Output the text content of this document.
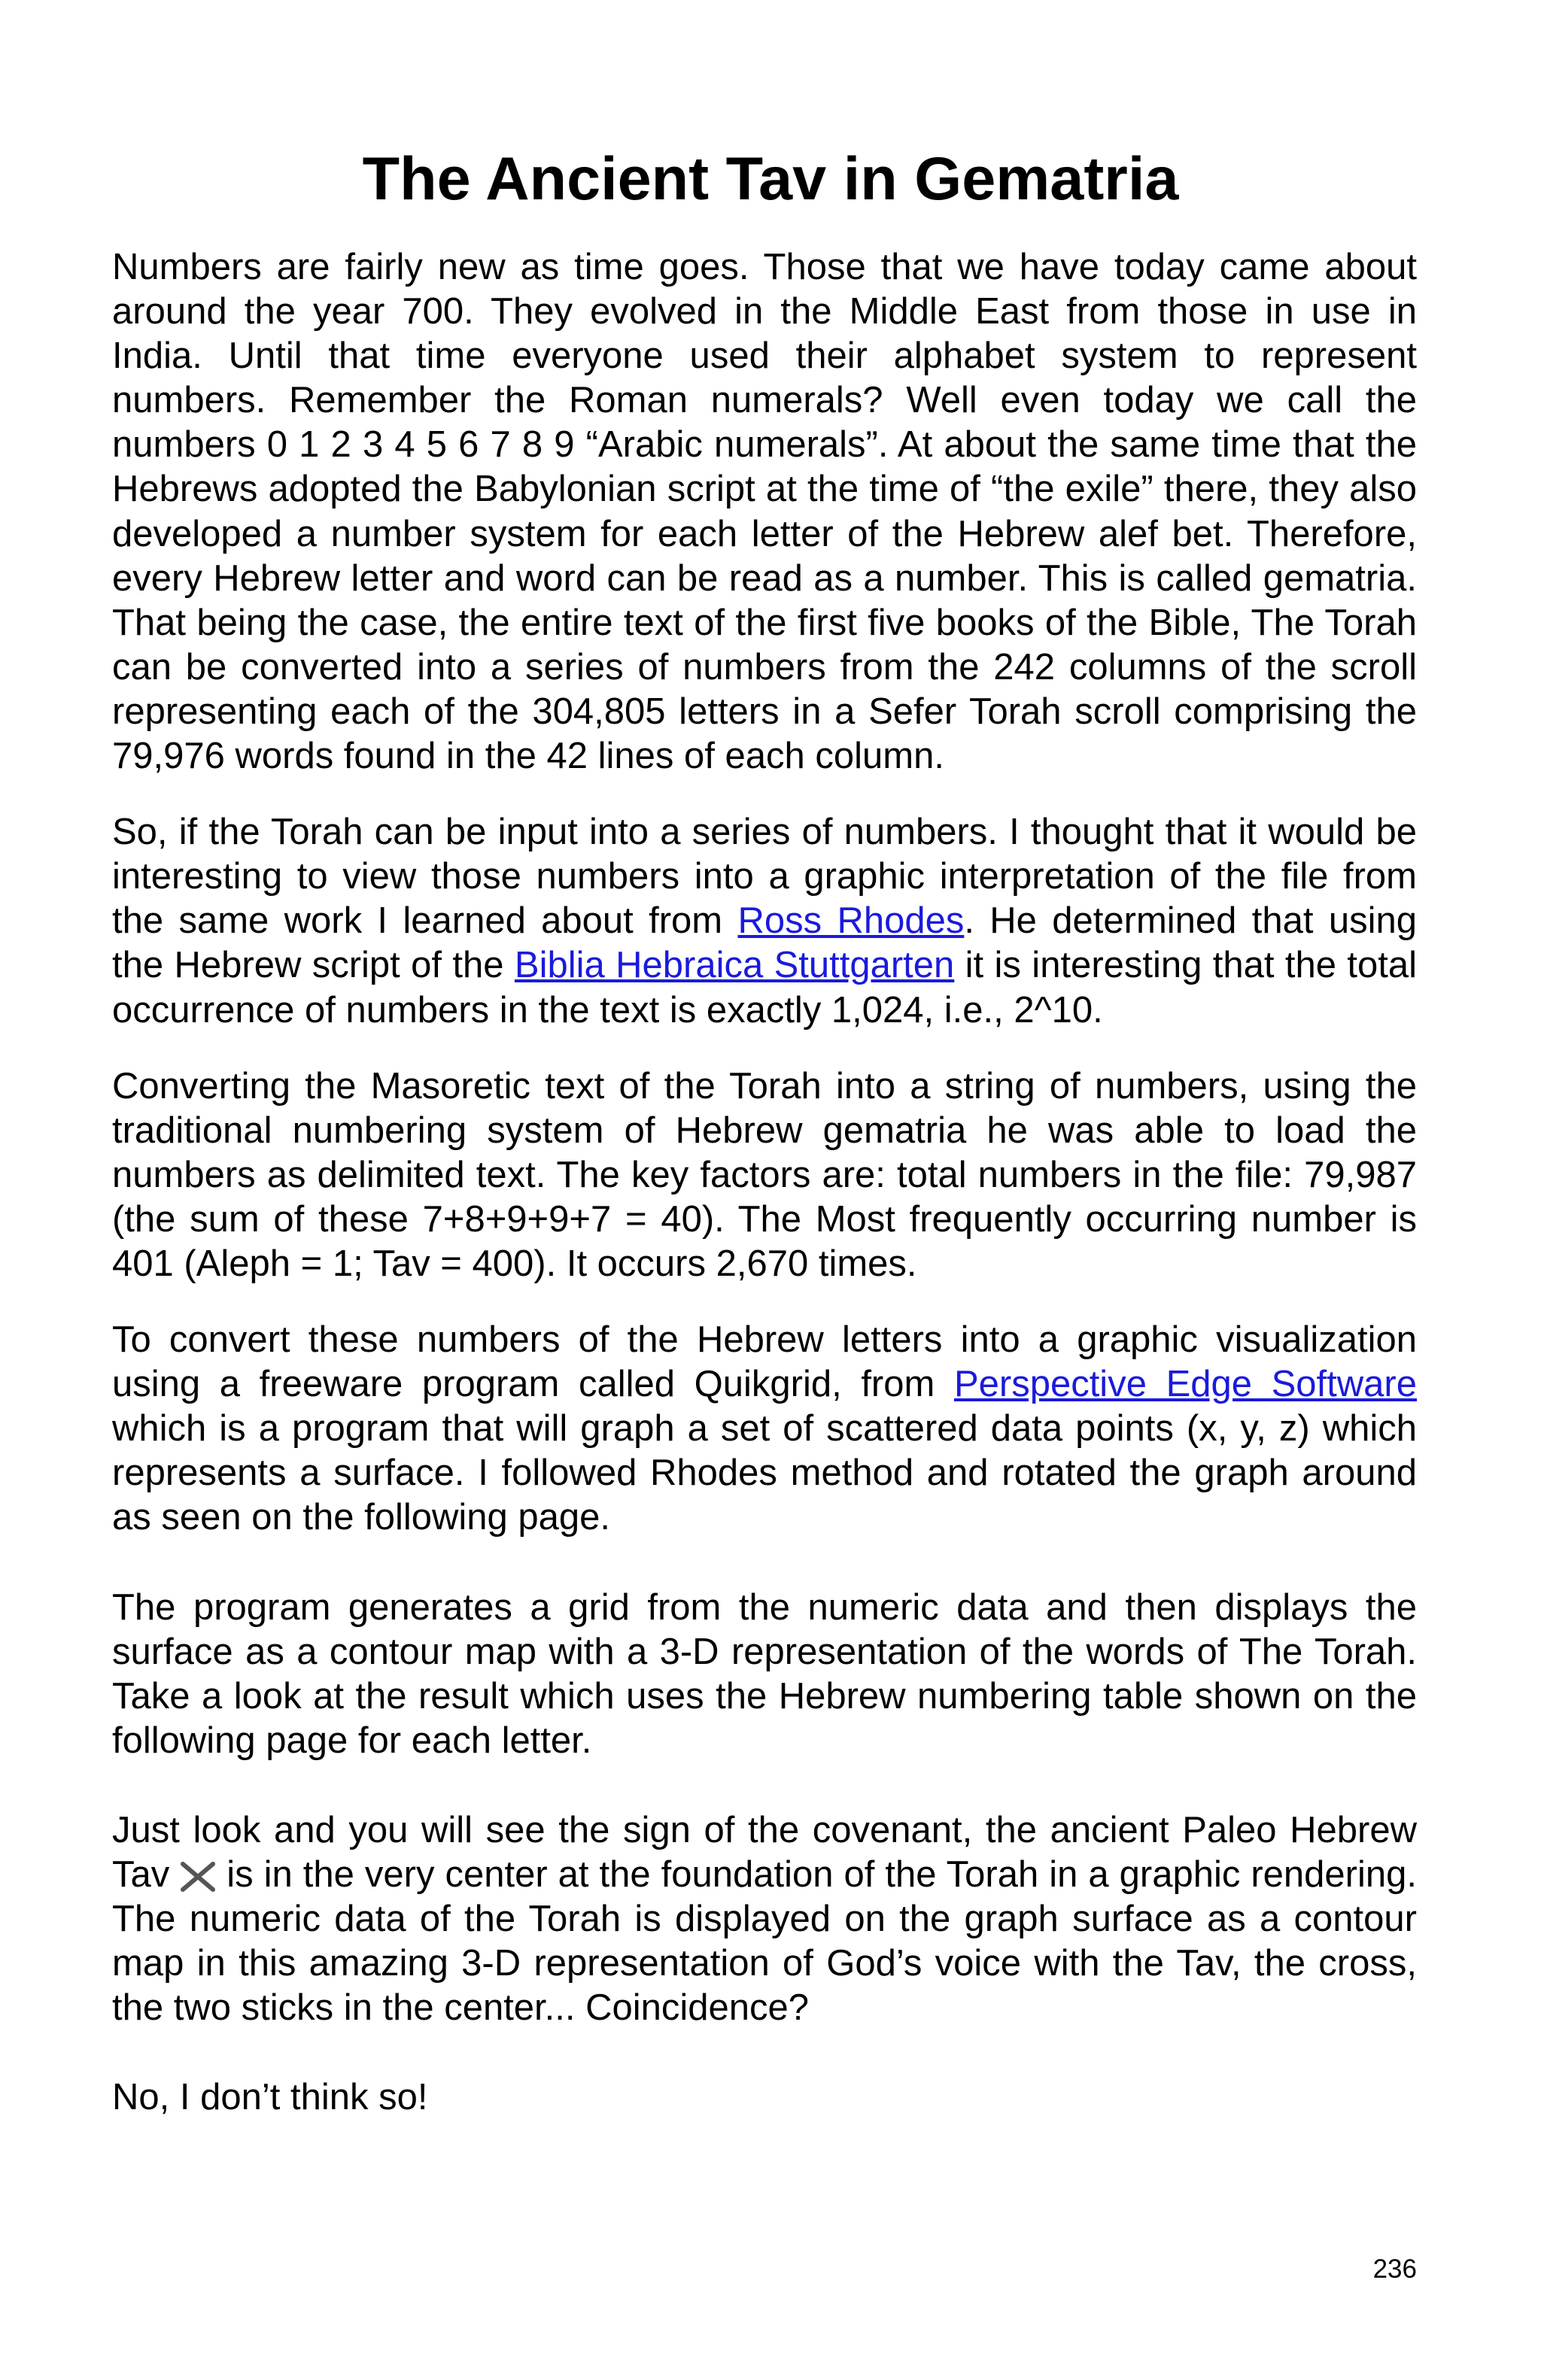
The Ancient Tav in Gematria

Numbers are fairly new as time goes. Those that we have today came about around the year 700. They evolved in the Middle East from those in use in India. Until that time everyone used their alphabet system to represent numbers. Remember the Roman numerals? Well even today we call the numbers 0 1 2 3 4 5 6 7 8 9 “Arabic numerals”. At about the same time that the Hebrews adopted the Babylonian script at the time of “the exile” there, they also developed a number system for each letter of the Hebrew alef bet. Therefore, every Hebrew letter and word can be read as a number. This is called gematria. That being the case, the entire text of the first five books of the Bible, The Torah can be converted into a series of numbers from the 242 columns of the scroll representing each of the 304,805 letters in a Sefer Torah scroll comprising the 79,976 words found in the 42 lines of each column.

So, if the Torah can be input into a series of numbers. I thought that it would be interesting to view those numbers into a graphic interpretation of the file from the same work I learned about from Ross Rhodes. He determined that using the Hebrew script of the Biblia Hebraica Stuttgarten it is interesting that the total occurrence of numbers in the text is exactly 1,024, i.e., 2^10.

Converting the Masoretic text of the Torah into a string of numbers, using the traditional numbering system of Hebrew gematria he was able to load the numbers as delimited text. The key factors are: total numbers in the file: 79,987 (the sum of these 7+8+9+9+7 = 40). The Most frequently occurring number is 401 (Aleph = 1; Tav = 400). It occurs 2,670 times.

To convert these numbers of the Hebrew letters into a graphic visualization using a freeware program called Quikgrid, from Perspective Edge Software which is a program that will graph a set of scattered data points (x, y, z) which represents a surface. I followed Rhodes method and rotated the graph around as seen on the following page.

The program generates a grid from the numeric data and then displays the surface as a contour map with a 3-D representation of the words of The Torah. Take a look at the result which uses the Hebrew numbering table shown on the following page for each letter.

Just look and you will see the sign of the covenant, the ancient Paleo Hebrew Tav is in the very center at the foundation of the Torah in a graphic rendering. The numeric data of the Torah is displayed on the graph surface as a contour map in this amazing 3-D representation of God’s voice with the Tav, the cross, the two sticks in the center... Coincidence?

No, I don’t think so!

236
